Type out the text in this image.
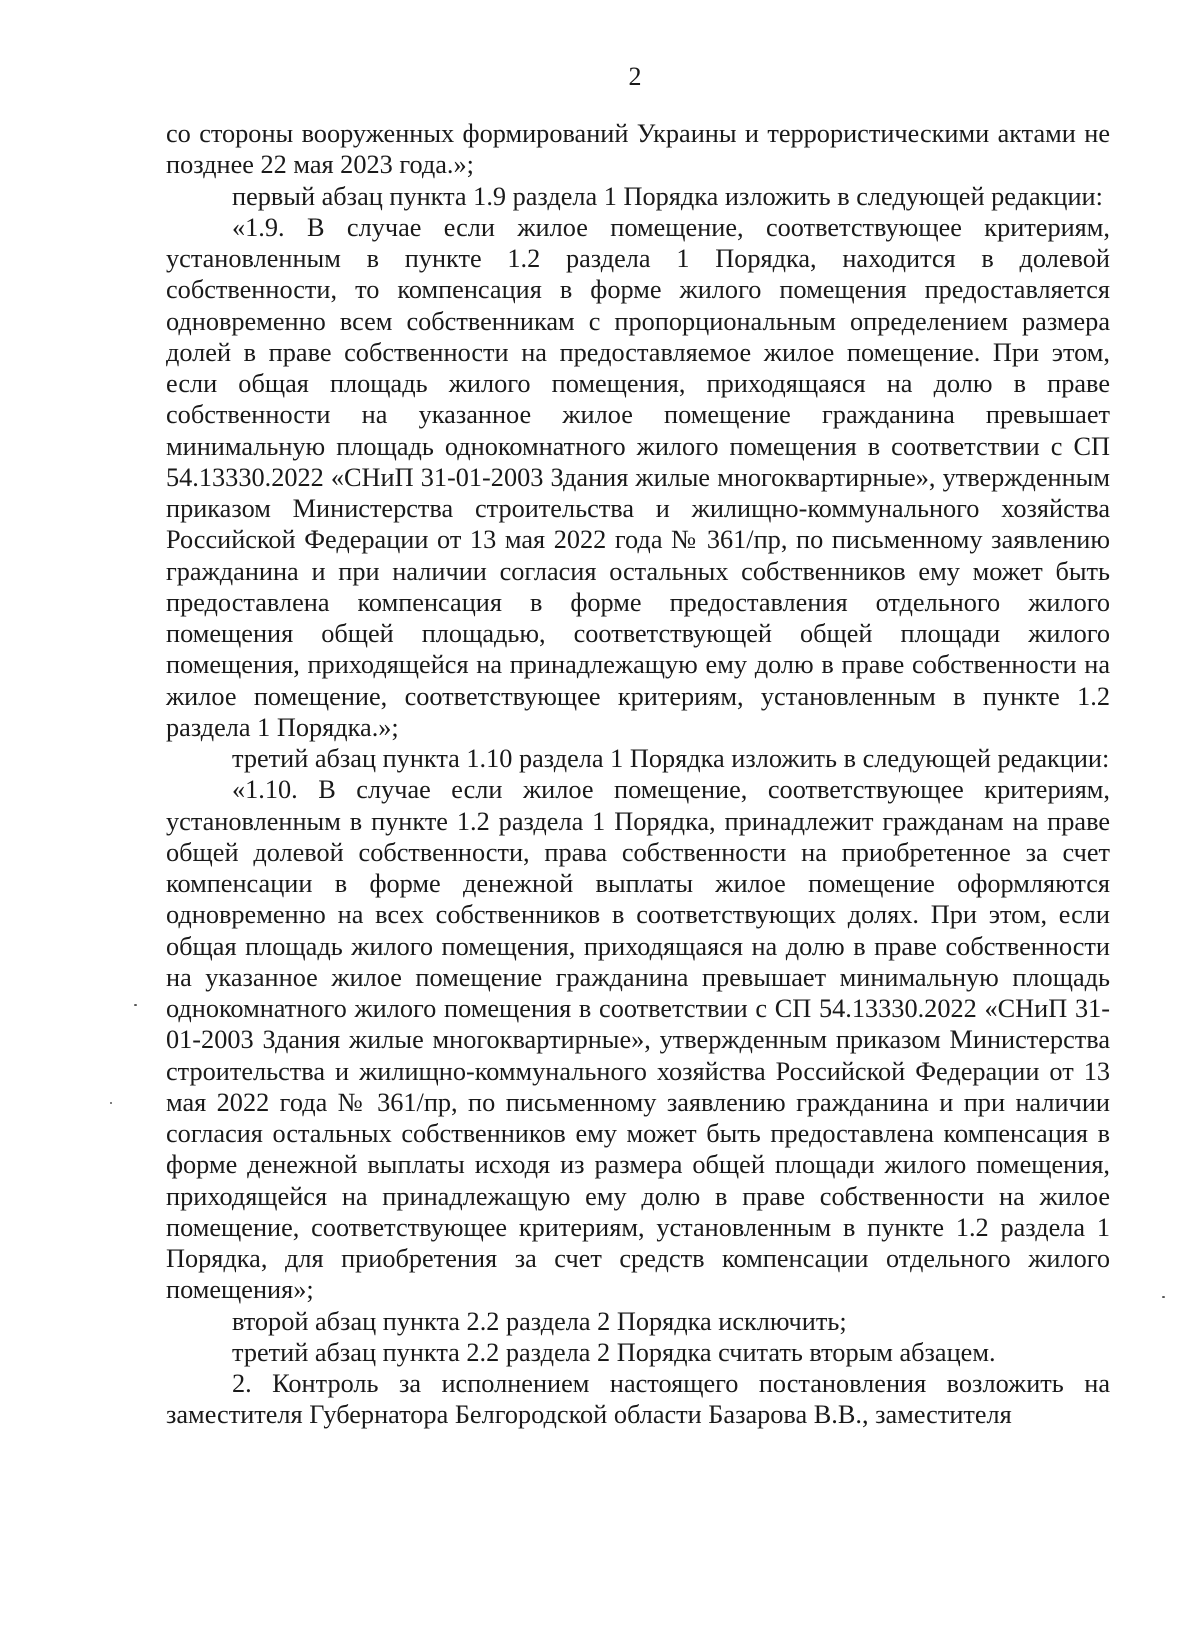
2

со стороны вооруженных формирований Украины и террористическими актами не позднее 22 мая 2023 года.»;

первый абзац пункта 1.9 раздела 1 Порядка изложить в следующей редакции:

«1.9. В случае если жилое помещение, соответствующее критериям, установленным в пункте 1.2 раздела 1 Порядка, находится в долевой собственности, то компенсация в форме жилого помещения предоставляется одновременно всем собственникам с пропорциональным определением размера долей в праве собственности на предоставляемое жилое помещение. При этом, если общая площадь жилого помещения, приходящаяся на долю в праве собственности на указанное жилое помещение гражданина превышает минимальную площадь однокомнатного жилого помещения в соответствии с СП 54.13330.2022 «СНиП 31-01-2003 Здания жилые многоквартирные», утвержденным приказом Министерства строительства и жилищно-коммунального хозяйства Российской Федерации от 13 мая 2022 года № 361/пр, по письменному заявлению гражданина и при наличии согласия остальных собственников ему может быть предоставлена компенсация в форме предоставления отдельного жилого помещения общей площадью, соответствующей общей площади жилого помещения, приходящейся на принадлежащую ему долю в праве собственности на жилое помещение, соответствующее критериям, установленным в пункте 1.2 раздела 1 Порядка.»;

третий абзац пункта 1.10 раздела 1 Порядка изложить в следующей редакции:

«1.10. В случае если жилое помещение, соответствующее критериям, установленным в пункте 1.2 раздела 1 Порядка, принадлежит гражданам на праве общей долевой собственности, права собственности на приобретенное за счет компенсации в форме денежной выплаты жилое помещение оформляются одновременно на всех собственников в соответствующих долях. При этом, если общая площадь жилого помещения, приходящаяся на долю в праве собственности на указанное жилое помещение гражданина превышает минимальную площадь однокомнатного жилого помещения в соответствии с СП 54.13330.2022 «СНиП 31-01-2003 Здания жилые многоквартирные», утвержденным приказом Министерства строительства и жилищно-коммунального хозяйства Российской Федерации от 13 мая 2022 года № 361/пр, по письменному заявлению гражданина и при наличии согласия остальных собственников ему может быть предоставлена компенсация в форме денежной выплаты исходя из размера общей площади жилого помещения, приходящейся на принадлежащую ему долю в праве собственности на жилое помещение, соответствующее критериям, установленным в пункте 1.2 раздела 1 Порядка, для приобретения за счет средств компенсации отдельного жилого помещения»;

второй абзац пункта 2.2 раздела 2 Порядка исключить;

третий абзац пункта 2.2 раздела 2 Порядка считать вторым абзацем.

2. Контроль за исполнением настоящего постановления возложить на заместителя Губернатора Белгородской области Базарова В.В., заместителя
